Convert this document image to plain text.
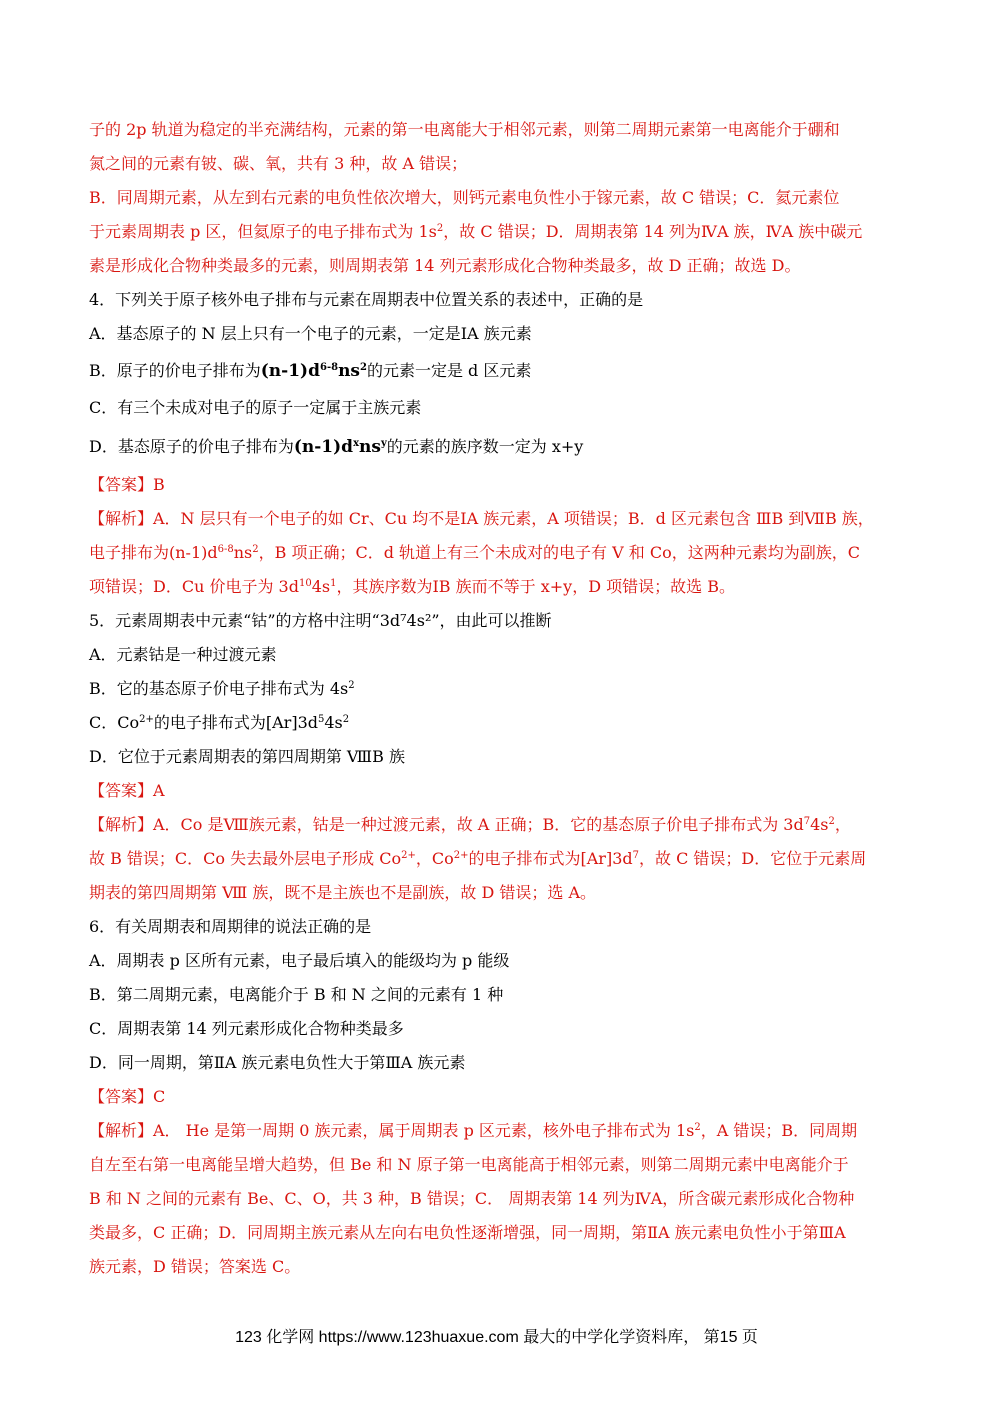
子的 2p 轨道为稳定的半充满结构，元素的第一电离能大于相邻元素，则第二周期元素第一电离能介于硼和
氮之间的元素有铍、碳、氧，共有 3 种，故 A 错误；
B．同周期元素，从左到右元素的电负性依次增大，则钙元素电负性小于镓元素，故 C 错误；C．氦元素位
于元素周期表 p 区，但氦原子的电子排布式为 $1s^2$，故 C 错误；D．周期表第 14 列为ⅣA 族，ⅣA 族中碳元
素是形成化合物种类最多的元素，则周期表第 14 列元素形成化合物种类最多，故 D 正确；故选 D。
4．下列关于原子核外电子排布与元素在周期表中位置关系的表述中，正确的是
A．基态原子的 N 层上只有一个电子的元素，一定是ⅠA 族元素
B．原子的价电子排布为$(n-1)d^{6-8}ns^2$的元素一定是 d 区元素
C．有三个未成对电子的原子一定属于主族元素
D．基态原子的价电子排布为$(n-1)d^xns^y$的元素的族序数一定为 x+y
【答案】B
【解析】A．N 层只有一个电子的如 Cr、Cu 均不是ⅠA 族元素，A 项错误；B．d 区元素包含 ⅢB 到ⅦB 族，
电子排布为$(n-1)d^{6-8}ns^2$，B 项正确；C．d 轨道上有三个未成对的电子有 V 和 Co，这两种元素均为副族，C
项错误；D．Cu 价电子为 $3d^{10}4s^1$，其族序数为ⅠB 族而不等于 x+y，D 项错误；故选 B。
5．元素周期表中元素“钴”的方格中注明“3d⁷4s²”，由此可以推断
A．元素钴是一种过渡元素
B．它的基态原子价电子排布式为 $4s^2$
C．$Co^{2+}$的电子排布式为$[Ar]3d^54s^2$
D．它位于元素周期表的第四周期第 ⅧB 族
【答案】A
【解析】A．Co 是Ⅷ族元素，钴是一种过渡元素，故 A 正确；B．它的基态原子价电子排布式为 $3d^74s^2$，
故 B 错误；C．Co 失去最外层电子形成 $Co^{2+}$，$Co^{2+}$的电子排布式为$[Ar]3d^7$，故 C 错误；D．它位于元素周
期表的第四周期第 Ⅷ 族，既不是主族也不是副族，故 D 错误；选 A。
6．有关周期表和周期律的说法正确的是
A．周期表 p 区所有元素，电子最后填入的能级均为 p 能级
B．第二周期元素，电离能介于 B 和 N 之间的元素有 1 种
C．周期表第 14 列元素形成化合物种类最多
D．同一周期，第ⅡA 族元素电负性大于第ⅢA 族元素
【答案】C
【解析】A． He 是第一周期 0 族元素，属于周期表 p 区元素，核外电子排布式为 $1s^2$，A 错误；B．同周期
自左至右第一电离能呈增大趋势，但 Be 和 N 原子第一电离能高于相邻元素，则第二周期元素中电离能介于
B 和 N 之间的元素有 Be、C、O，共 3 种，B 错误；C． 周期表第 14 列为ⅣA，所含碳元素形成化合物种
类最多，C 正确；D．同周期主族元素从左向右电负性逐渐增强，同一周期，第ⅡA 族元素电负性小于第ⅢA
族元素，D 错误；答案选 C。
123 化学网 https://www.123huaxue.com 最大的中学化学资料库， 第15 页
